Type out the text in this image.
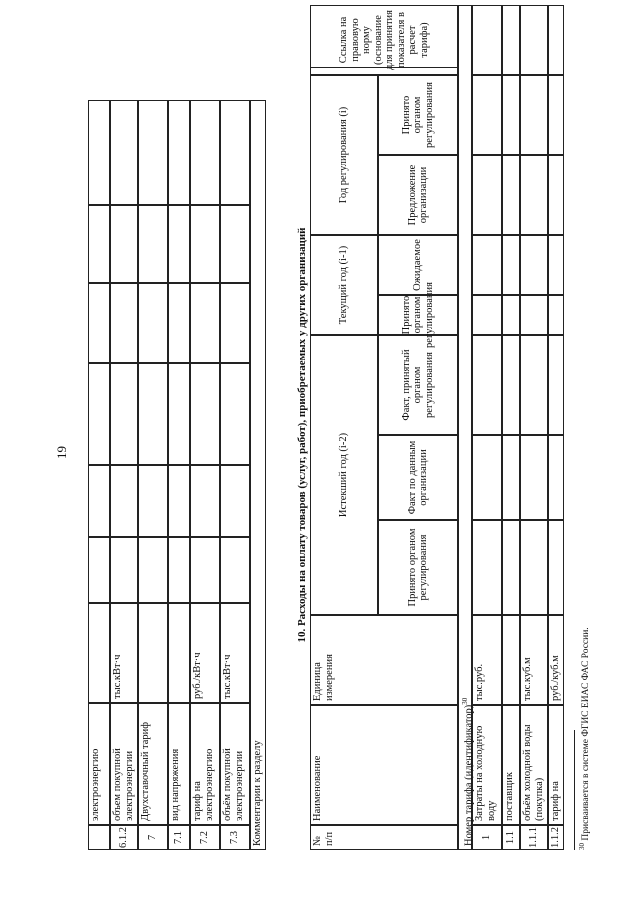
19
электроэнергию
6.1.2
объем покупной электроэнергии
тыс.кВт·ч
7
Двухставочный тариф
7.1
вид напряжения
7.2
тариф на электроэнергию
руб./кВт·ч
7.3
объём покупной электроэнергии
тыс.кВт·ч
Комментарии к разделу
10. Расходы на оплату товаров (услуг, работ), приобретаемых у других организаций
№ п/п
Наименование
Единица измерения
Истекший год (i-2)
Текущий год (i-1)
Год регулирования (i)
Принято органом регулирования
Факт по данным организации
Факт, принятый органом регулирования
Принято органом регулирования
Ожидаемое
Предложение организации
Принято органом регулирования
Ссылка на правовую норму (основание для принятия показателя в расчет тарифа)
Номер тарифа (идентификатор)$^{30}$
1
Затраты на холодную воду
тыс.руб.
1.1
поставщик
1.1.1
объём холодной воды (покупка)
тыс.куб.м
1.1.2
тариф на
руб./куб.м
$^{30}$ Присваивается в системе ФГИС ЕИАС ФАС России.
